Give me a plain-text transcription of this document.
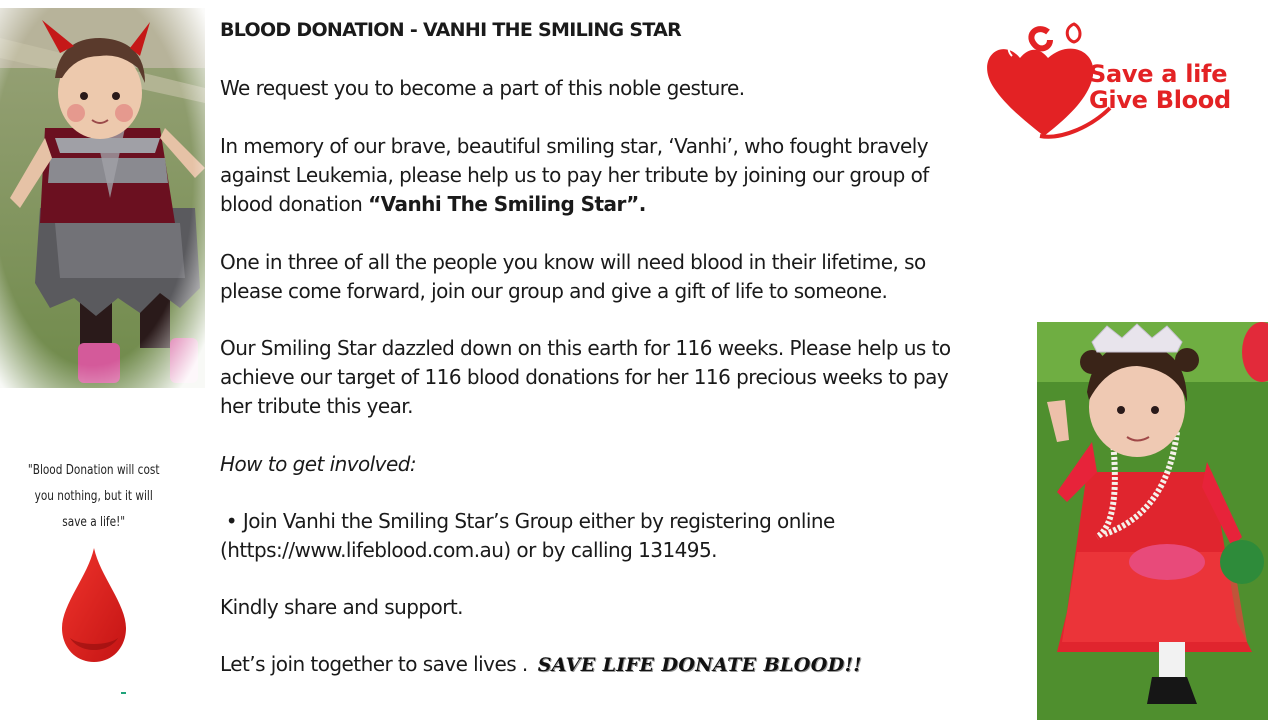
Save a life
Give Blood
"Blood Donation will cost
you nothing, but it will
save a life!"
BLOOD DONATION - VANHI THE SMILING STAR
We request you to become a part of this noble gesture.
In memory of our brave, beautiful smiling star, ‘Vanhi’, who fought bravely
against Leukemia, please help us to pay her tribute by joining our group of
blood donation “Vanhi The Smiling Star”.
One in three of all the people you know will need blood in their lifetime, so
please come forward, join our group and give a gift of life to someone.
Our Smiling Star dazzled down on this earth for 116 weeks. Please help us to
achieve our target of 116 blood donations for her 116 precious weeks to pay
her tribute this year.
How to get involved:
• Join Vanhi the Smiling Star’s Group either by registering online
(https://www.lifeblood.com.au) or by calling 131495.
Kindly share and support.
Let’s join together to save lives . SAVE LIFE DONATE BLOOD!!
